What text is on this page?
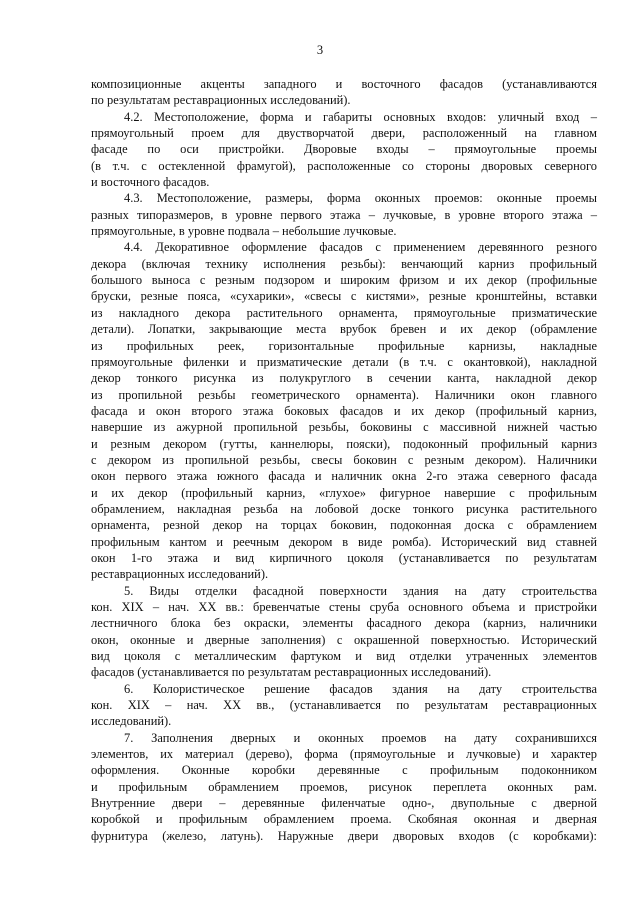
3
композиционные акценты западного и восточного фасадов (устанавливаются
по результатам реставрационных исследований).
4.2. Местоположение, форма и габариты основных входов: уличный вход –
прямоугольный проем для двустворчатой двери, расположенный на главном
фасаде по оси пристройки. Дворовые входы – прямоугольные проемы
(в т.ч. с остекленной фрамугой), расположенные со стороны дворовых северного
и восточного фасадов.
4.3. Местоположение, размеры, форма оконных проемов: оконные проемы
разных типоразмеров, в уровне первого этажа – лучковые, в уровне второго этажа –
прямоугольные, в уровне подвала – небольшие лучковые.
4.4. Декоративное оформление фасадов с применением деревянного резного
декора (включая технику исполнения резьбы): венчающий карниз профильный
большого выноса с резным подзором и широким фризом и их декор (профильные
бруски, резные пояса, «сухарики», «свесы с кистями», резные кронштейны, вставки
из накладного декора растительного орнамента, прямоугольные призматические
детали). Лопатки, закрывающие места врубок бревен и их декор (обрамление
из профильных реек, горизонтальные профильные карнизы, накладные
прямоугольные филенки и призматические детали (в т.ч. с окантовкой), накладной
декор тонкого рисунка из полукруглого в сечении канта, накладной декор
из пропильной резьбы геометрического орнамента). Наличники окон главного
фасада и окон второго этажа боковых фасадов и их декор (профильный карниз,
навершие из ажурной пропильной резьбы, боковины с массивной нижней частью
и резным декором (гутты, каннелюры, пояски), подоконный профильный карниз
с декором из пропильной резьбы, свесы боковин с резным декором). Наличники
окон первого этажа южного фасада и наличник окна 2-го этажа северного фасада
и их декор (профильный карниз, «глухое» фигурное навершие с профильным
обрамлением, накладная резьба на лобовой доске тонкого рисунка растительного
орнамента, резной декор на торцах боковин, подоконная доска с обрамлением
профильным кантом и реечным декором в виде ромба). Исторический вид ставней
окон 1-го этажа и вид кирпичного цоколя (устанавливается по результатам
реставрационных исследований).
5. Виды отделки фасадной поверхности здания на дату строительства
кон. XIX – нач. XX вв.: бревенчатые стены сруба основного объема и пристройки
лестничного блока без окраски, элементы фасадного декора (карниз, наличники
окон, оконные и дверные заполнения) с окрашенной поверхностью. Исторический
вид цоколя с металлическим фартуком и вид отделки утраченных элементов
фасадов (устанавливается по результатам реставрационных исследований).
6. Колористическое решение фасадов здания на дату строительства
кон. XIX – нач. XX вв., (устанавливается по результатам реставрационных
исследований).
7. Заполнения дверных и оконных проемов на дату сохранившихся
элементов, их материал (дерево), форма (прямоугольные и лучковые) и характер
оформления. Оконные коробки деревянные с профильным подоконником
и профильным обрамлением проемов, рисунок переплета оконных рам.
Внутренние двери – деревянные филенчатые одно-, двупольные с дверной
коробкой и профильным обрамлением проема. Скобяная оконная и дверная
фурнитура (железо, латунь). Наружные двери дворовых входов (с коробками):
